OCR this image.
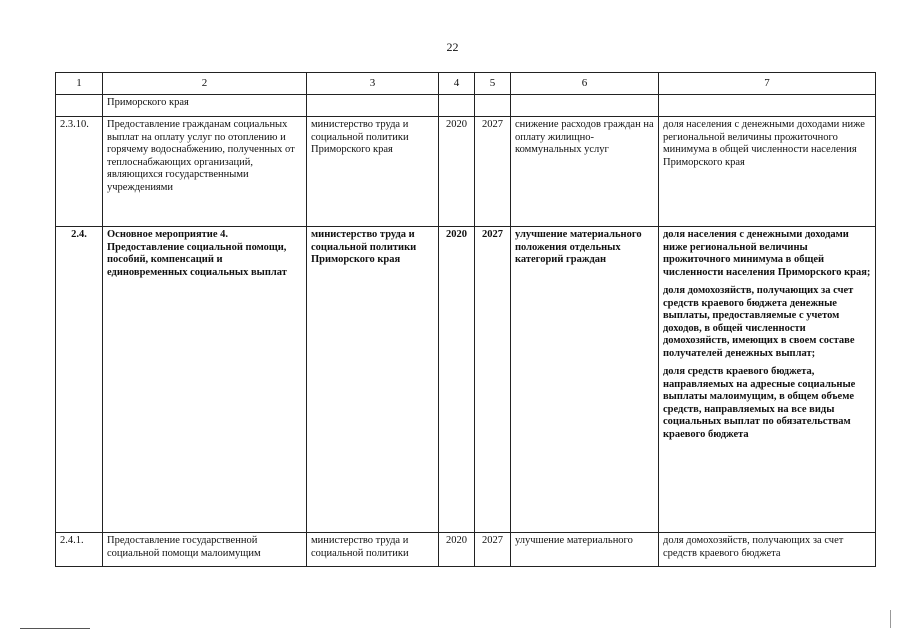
22
1	2	3	4	5	6	7
	Приморского края					
2.3.10.	Предоставление гражданам социальных выплат на оплату услуг по отоплению и горячему водоснабжению, полученных от теплоснабжающих организаций, являющихся государственными учреждениями	министерство труда и социальной политики Приморского края	2020	2027	снижение расходов граждан на оплату жилищно-коммунальных услуг	доля населения с денежными доходами ниже региональной величины прожиточного минимума в общей численности населения Приморского края
2.4.	Основное мероприятие 4. Предоставление социальной помощи, пособий, компенсаций и единовременных социальных выплат	министерство труда и социальной политики Приморского края	2020	2027	улучшение материального положения отдельных категорий граждан	доля населения с денежными доходами ниже региональной величины прожиточного минимума в общей численности населения Приморского края;
доля домохозяйств, получающих за счет средств краевого бюджета денежные выплаты, предоставляемые с учетом доходов, в общей численности домохозяйств, имеющих в своем составе получателей денежных выплат;
доля средств краевого бюджета, направляемых на адресные социальные выплаты малоимущим, в общем объеме средств, направляемых на все виды социальных выплат по обязательствам краевого бюджета

2.4.1.	Предоставление государственной социальной помощи малоимущим	министерство труда и социальной политики	2020	2027	улучшение материального	доля домохозяйств, получающих за счет средств краевого бюджета
